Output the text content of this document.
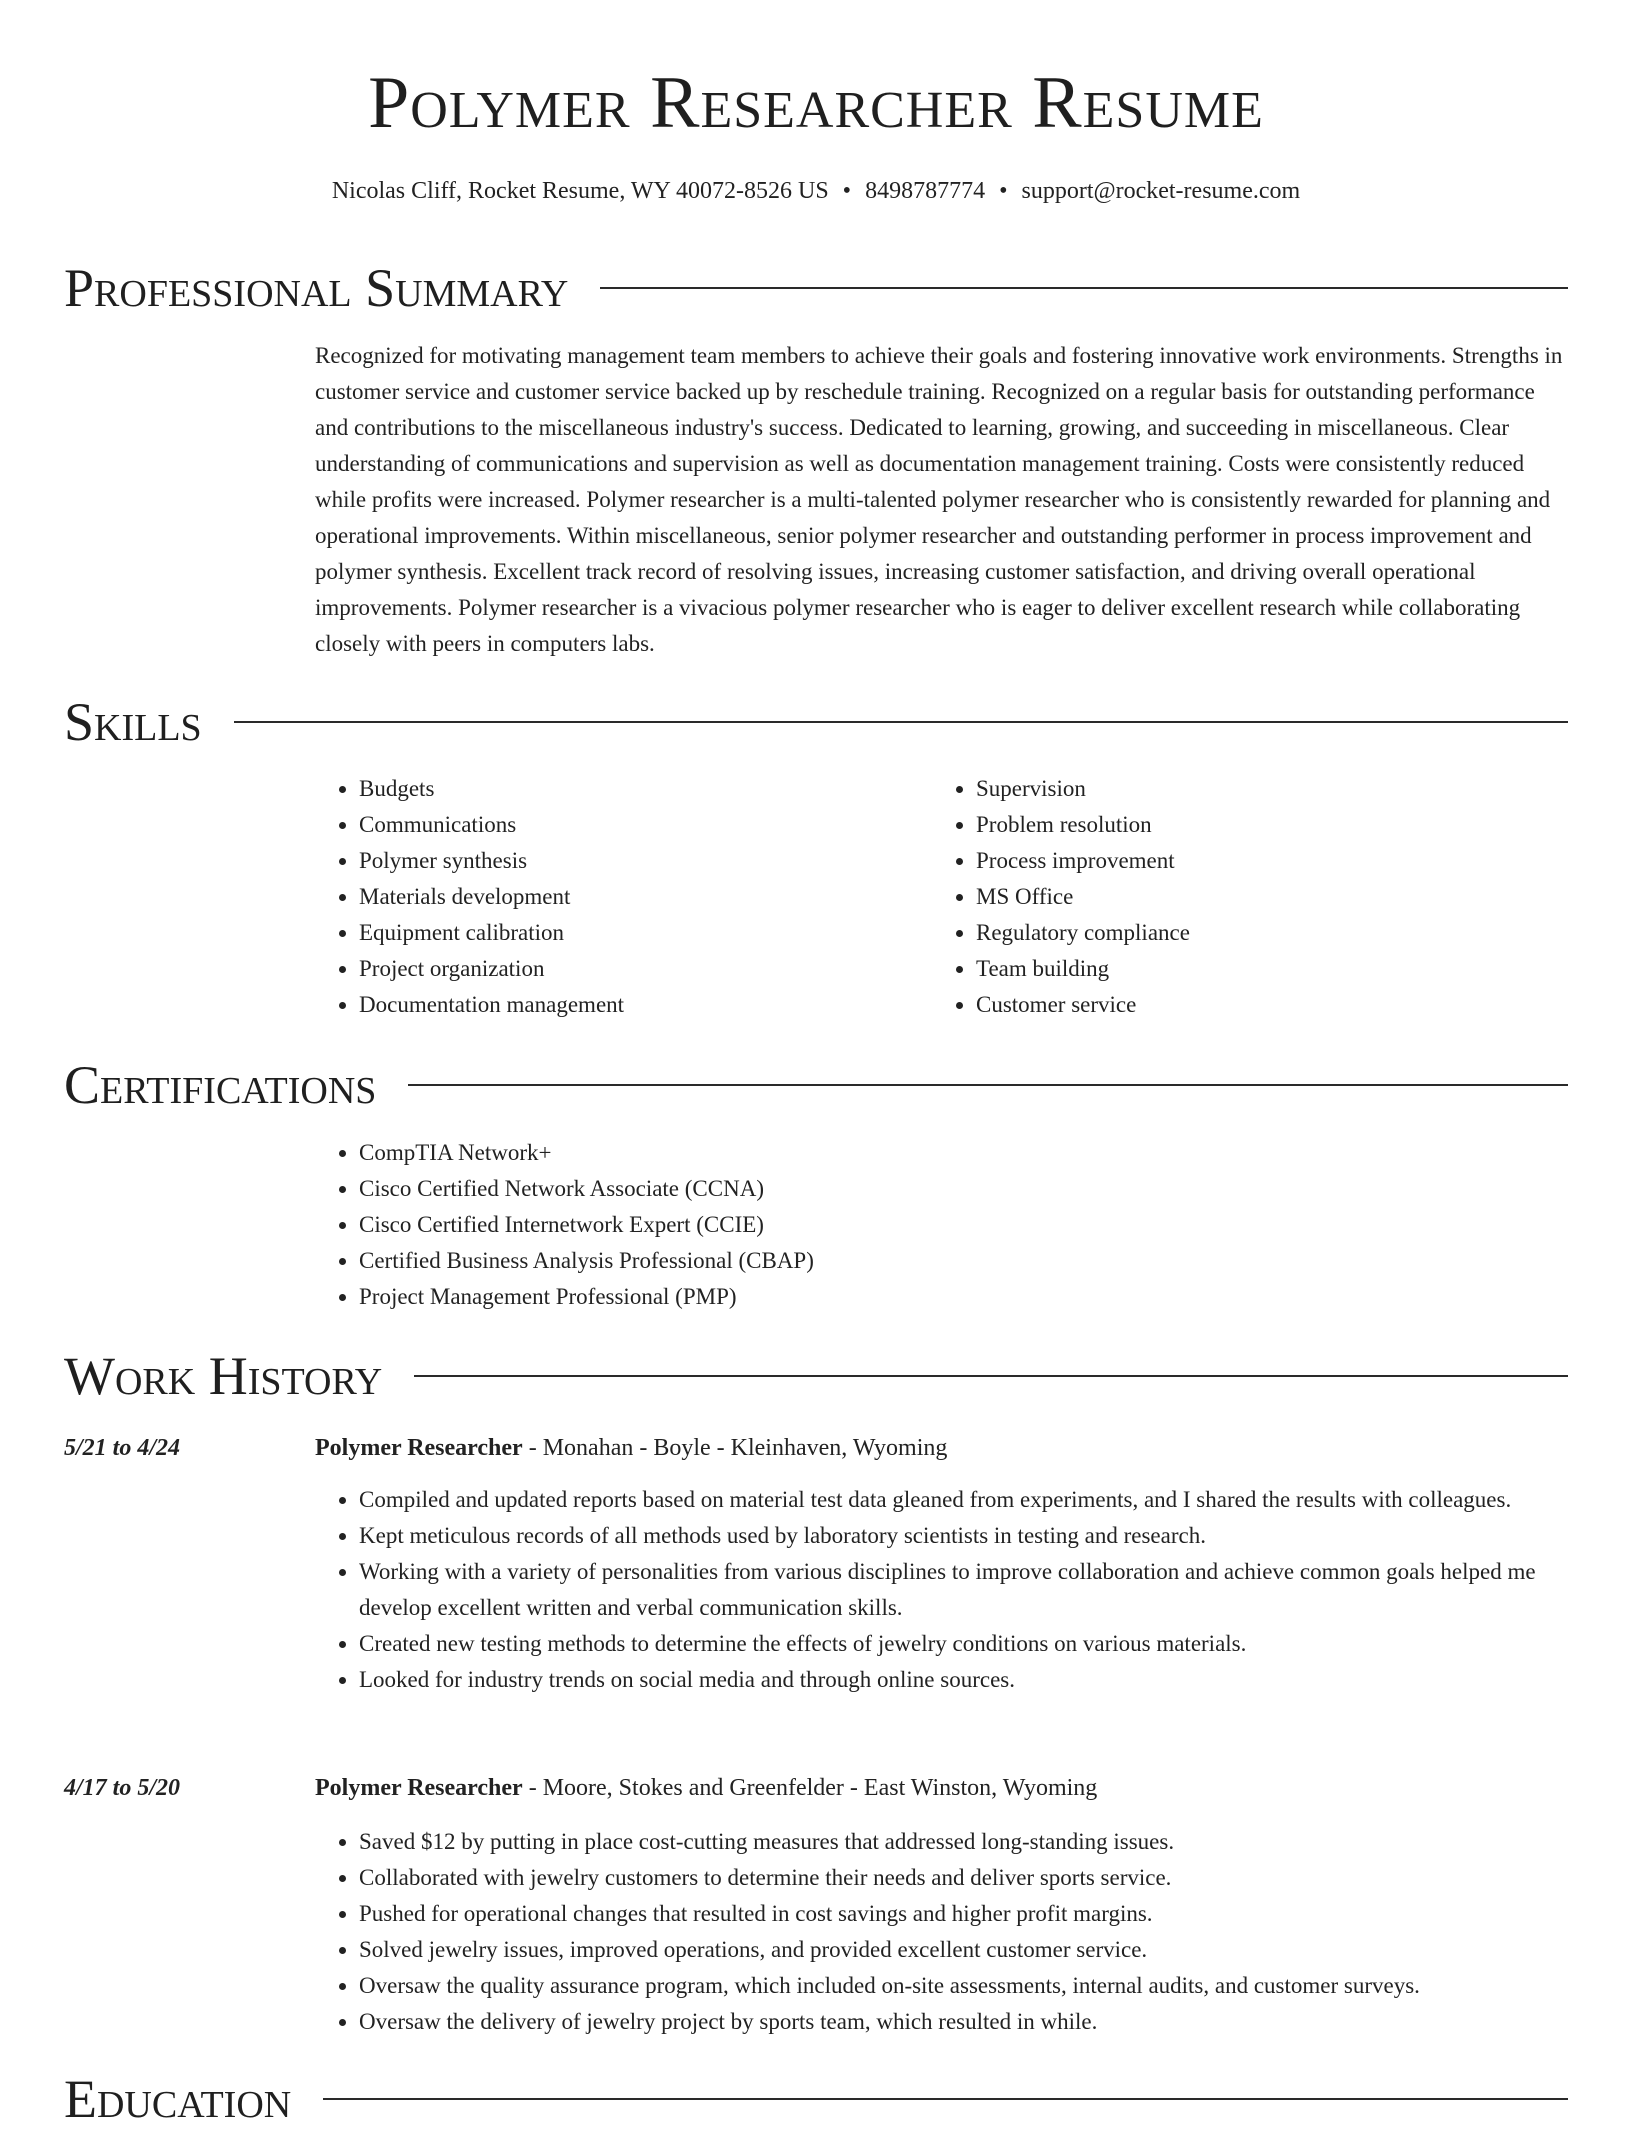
Polymer Researcher Resume
Nicolas Cliff, Rocket Resume, WY 40072-8526 US • 8498787774 • support@rocket-resume.com
Professional Summary

Recognized for motivating management team members to achieve their goals and fostering innovative work environments. Strengths in customer service and customer service backed up by reschedule training. Recognized on a regular basis for outstanding performance and contributions to the miscellaneous industry's success. Dedicated to learning, growing, and succeeding in miscellaneous. Clear understanding of communications and supervision as well as documentation management training. Costs were consistently reduced while profits were increased. Polymer researcher is a multi-talented polymer researcher who is consistently rewarded for planning and operational improvements. Within miscellaneous, senior polymer researcher and outstanding performer in process improvement and polymer synthesis. Excellent track record of resolving issues, increasing customer satisfaction, and driving overall operational improvements. Polymer researcher is a vivacious polymer researcher who is eager to deliver excellent research while collaborating closely with peers in computers labs.

Skills
• Budgets
• Communications
• Polymer synthesis
• Materials development
• Equipment calibration
• Project organization
• Documentation management
• Supervision
• Problem resolution
• Process improvement
• MS Office
• Regulatory compliance
• Team building
• Customer service
Certifications
• CompTIA Network+
• Cisco Certified Network Associate (CCNA)
• Cisco Certified Internetwork Expert (CCIE)
• Certified Business Analysis Professional (CBAP)
• Project Management Professional (PMP)
Work History
5/21 to 4/24	Polymer Researcher - Monahan - Boyle - Kleinhaven, Wyoming
• Compiled and updated reports based on material test data gleaned from experiments, and I shared the results with colleagues.
• Kept meticulous records of all methods used by laboratory scientists in testing and research.
• Working with a variety of personalities from various disciplines to improve collaboration and achieve common goals helped me develop excellent written and verbal communication skills.
• Created new testing methods to determine the effects of jewelry conditions on various materials.
• Looked for industry trends on social media and through online sources.
4/17 to 5/20	Polymer Researcher - Moore, Stokes and Greenfelder - East Winston, Wyoming
• Saved $12 by putting in place cost-cutting measures that addressed long-standing issues.
• Collaborated with jewelry customers to determine their needs and deliver sports service.
• Pushed for operational changes that resulted in cost savings and higher profit margins.
• Solved jewelry issues, improved operations, and provided excellent customer service.
• Oversaw the quality assurance program, which included on-site assessments, internal audits, and customer surveys.
• Oversaw the delivery of jewelry project by sports team, which resulted in while.
Education
